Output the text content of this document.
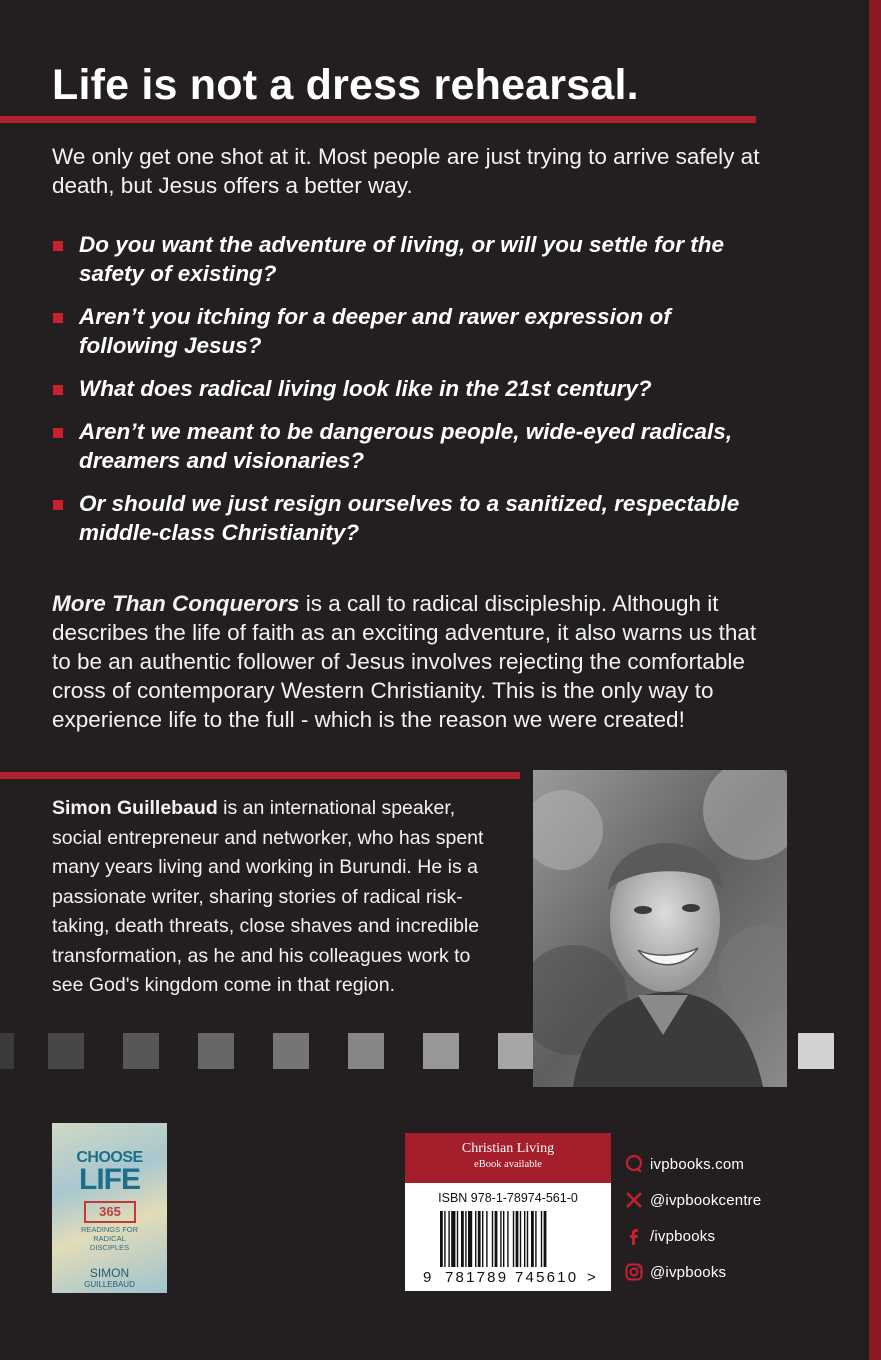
Life is not a dress rehearsal.

We only get one shot at it. Most people are just trying to arrive safely at death, but Jesus offers a better way.

Do you want the adventure of living, or will you settle for the safety of existing?
Aren’t you itching for a deeper and rawer expression of following Jesus?
What does radical living look like in the 21st century?
Aren’t we meant to be dangerous people, wide-eyed radicals, dreamers and visionaries?
Or should we just resign ourselves to a sanitized, respectable middle-class Christianity?

More Than Conquerors is a call to radical discipleship. Although it describes the life of faith as an exciting adventure, it also warns us that to be an authentic follower of Jesus involves rejecting the comfortable cross of contemporary Western Christianity. This is the only way to experience life to the full - which is the reason we were created!

Simon Guillebaud is an international speaker, social entrepreneur and networker, who has spent many years living and working in Burundi. He is a passionate writer, sharing stories of radical risk-taking, death threats, close shaves and incredible transformation, as he and his colleagues work to see God's kingdom come in that region.

CHOOSE
LIFE
365
READINGS FOR
RADICAL
DISCIPLES
SIMON
GUILLEBAUD
Christian Living
eBook available
ISBN 978-1-78974-561-0
9 781789 745610 >
ivpbooks.com
@ivpbookcentre
/ivpbooks
@ivpbooks
